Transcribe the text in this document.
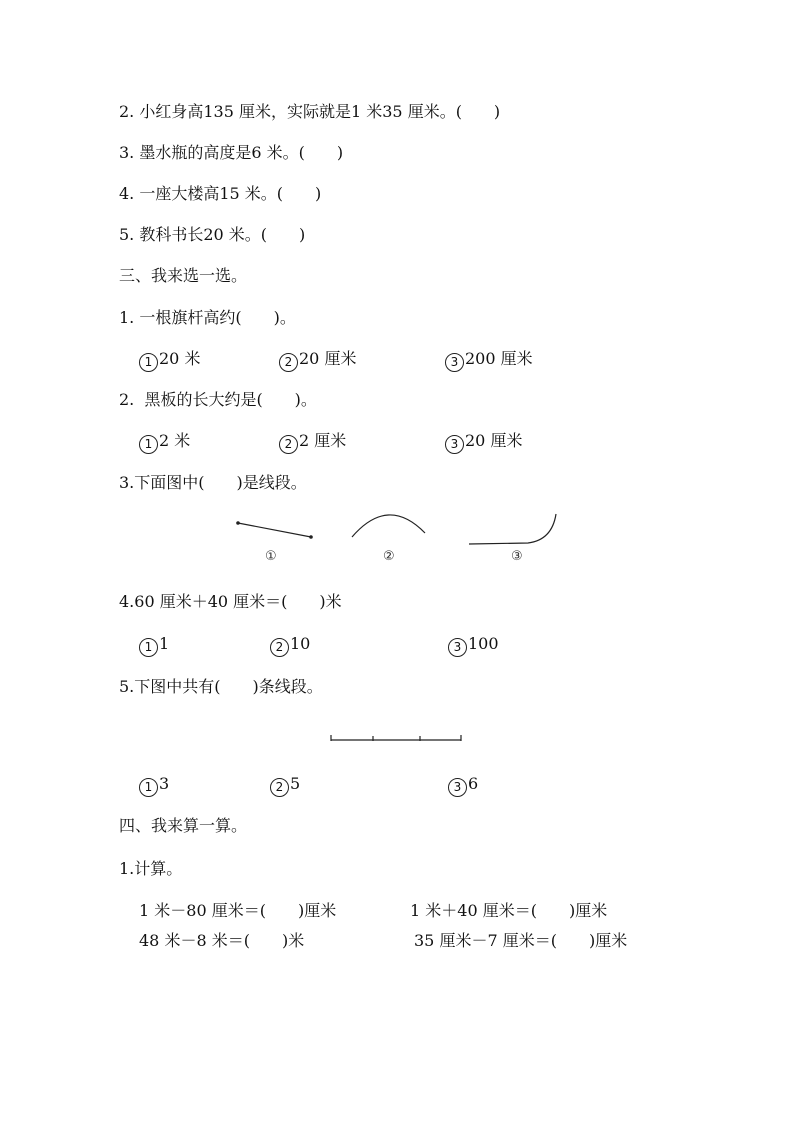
2. 小红身高135 厘米，实际就是1 米35 厘米。(　　)
3. 墨水瓶的高度是6 米。(　　)
4. 一座大楼高15 米。(　　)
5. 教科书长20 米。(　　)
三、我来选一选。
1. 一根旗杆高约(　　)。
1 20 米	2 20 厘米	3 200 厘米
2.  黑板的长大约是(　　)。
1 2 米	2 2 厘米	3 20 厘米
3.下面图中(　　)是线段。
①	②	③
4.60 厘米＋40 厘米＝(　　)米
1 1	2 10	3 100
5.下图中共有(　　)条线段。
1 3	2 5	3 6
四、我来算一算。
1.计算。
1 米－80 厘米＝(　　)厘米	1 米＋40 厘米＝(　　)厘米
48 米－8 米＝(　　)米	35 厘米－7 厘米＝(　　)厘米
